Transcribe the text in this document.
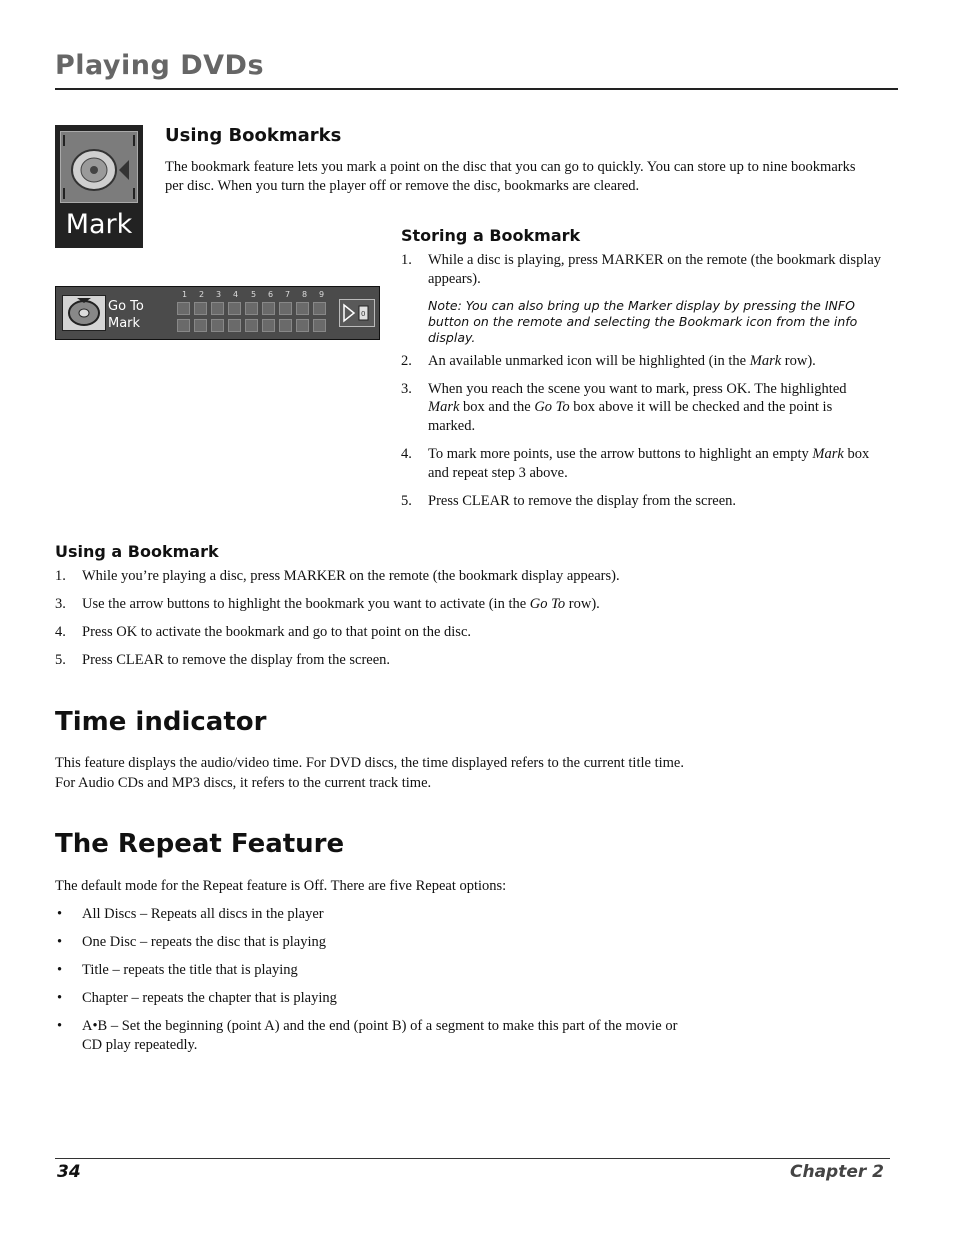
Playing DVDs
Mark
Using Bookmarks
The bookmark feature lets you mark a point on the disc that you can go to quickly. You can store up to nine bookmarks
per disc. When you turn the player off or remove the disc, bookmarks are cleared.
Go To
Mark
1 2 3 4 5 6 7 8 9
0
Storing a Bookmark
1. While a disc is playing, press MARKER on the remote (the bookmark display
appears).
Note: You can also bring up the Marker display by pressing the INFO
button on the remote and selecting the Bookmark icon from the info
display.
2. An available unmarked icon will be highlighted (in the Mark row).
3. When you reach the scene you want to mark, press OK. The highlighted
Mark box and the Go To box above it will be checked and the point is
marked.
4. To mark more points, use the arrow buttons to highlight an empty Mark box
and repeat step 3 above.
5. Press CLEAR to remove the display from the screen.
Using a Bookmark
1. While you’re playing a disc, press MARKER on the remote (the bookmark display appears).
3. Use the arrow buttons to highlight the bookmark you want to activate (in the Go To row).
4. Press OK to activate the bookmark and go to that point on the disc.
5. Press CLEAR to remove the display from the screen.
Time indicator
This feature displays the audio/video time. For DVD discs, the time displayed refers to the current title time.
For Audio CDs and MP3 discs, it refers to the current track time.
The Repeat Feature
The default mode for the Repeat feature is Off. There are five Repeat options:
• All Discs – Repeats all discs in the player
• One Disc – repeats the disc that is playing
• Title – repeats the title that is playing
• Chapter – repeats the chapter that is playing
• A•B – Set the beginning (point A) and the end (point B) of a segment to make this part of the movie or
CD play repeatedly.
34	Chapter 2
